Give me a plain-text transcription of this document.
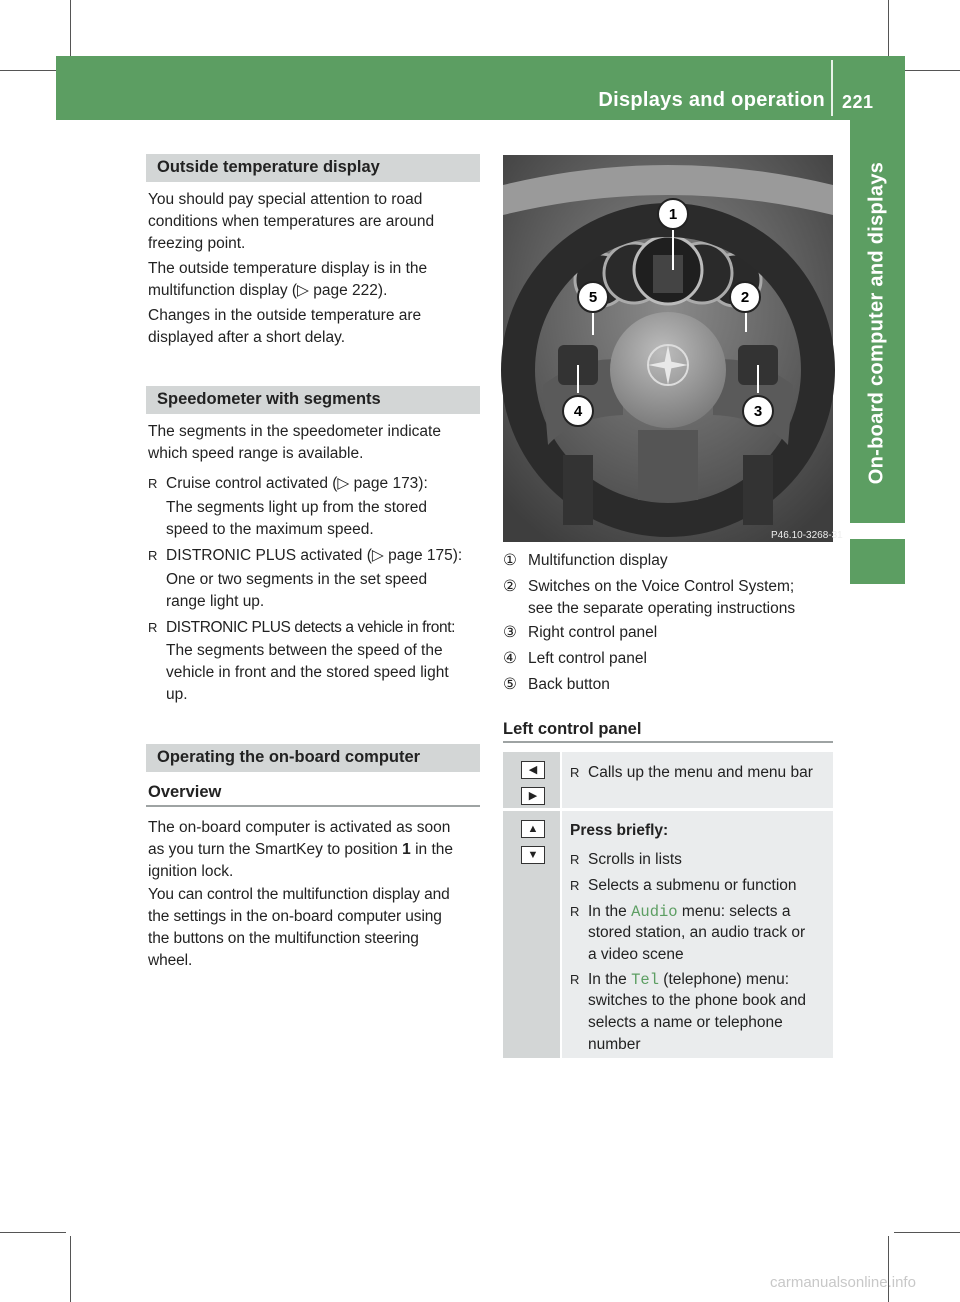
Displays and operation 221
On-board computer and displays
Outside temperature display
You should pay special attention to road
conditions when temperatures are around
freezing point.
The outside temperature display is in the
multifunction display (▷ page 222).
Changes in the outside temperature are
displayed after a short delay.
Speedometer with segments
The segments in the speedometer indicate
which speed range is available.
R Cruise control activated (▷ page 173):
The segments light up from the stored
speed to the maximum speed.
R DISTRONIC PLUS activated (▷ page 175):
One or two segments in the set speed
range light up.
R DISTRONIC PLUS detects a vehicle in front:
The segments between the speed of the
vehicle in front and the stored speed light
up.
Operating the on-board computer
Overview
The on-board computer is activated as soon
as you turn the SmartKey to position 1 in the
ignition lock.
You can control the multifunction display and
the settings in the on-board computer using
the buttons on the multifunction steering
wheel.
1
2
3
4
5
P46.10-3268-31
① Multifunction display
② Switches on the Voice Control System;
see the separate operating instructions
③ Right control panel
④ Left control panel
⑤ Back button
Left control panel
◀
▶
R Calls up the menu and menu bar
▲
▼
Press briefly:
R Scrolls in lists
R Selects a submenu or function
R In the Audio menu: selects a
stored station, an audio track or
a video scene
R In the Tel (telephone) menu:
switches to the phone book and
selects a name or telephone
number
carmanualsonline.info
